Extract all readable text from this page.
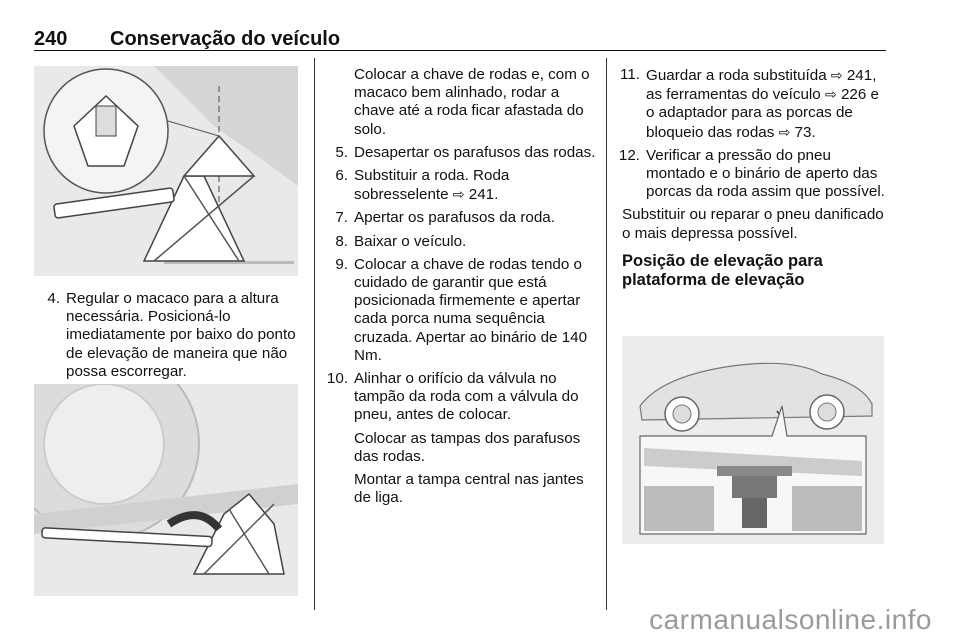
240 Conservação do veículo
4. Regular o macaco para a altura necessária. Posicioná-lo imediatamente por baixo do ponto de elevação de maneira que não possa escorregar.
Colocar a chave de rodas e, com o macaco bem alinhado, rodar a chave até a roda ficar afastada do solo.
5. Desapertar os parafusos das rodas.
6. Substituir a roda. Roda sobresselente ⇨ 241.
7. Apertar os parafusos da roda.
8. Baixar o veículo.
9. Colocar a chave de rodas tendo o cuidado de garantir que está posicionada firmemente e apertar cada porca numa sequência cruzada. Apertar ao binário de 140 Nm.
10. Alinhar o orifício da válvula no tampão da roda com a válvula do pneu, antes de colocar.
Colocar as tampas dos parafusos das rodas.
Montar a tampa central nas jantes de liga.
11. Guardar a roda substituída ⇨ 241, as ferramentas do veículo ⇨ 226 e o adaptador para as porcas de bloqueio das rodas ⇨ 73.
12. Verificar a pressão do pneu montado e o binário de aperto das porcas da roda assim que possível.
Substituir ou reparar o pneu danificado o mais depressa possível.
Posição de elevação para plataforma de elevação
carmanualsonline.info
